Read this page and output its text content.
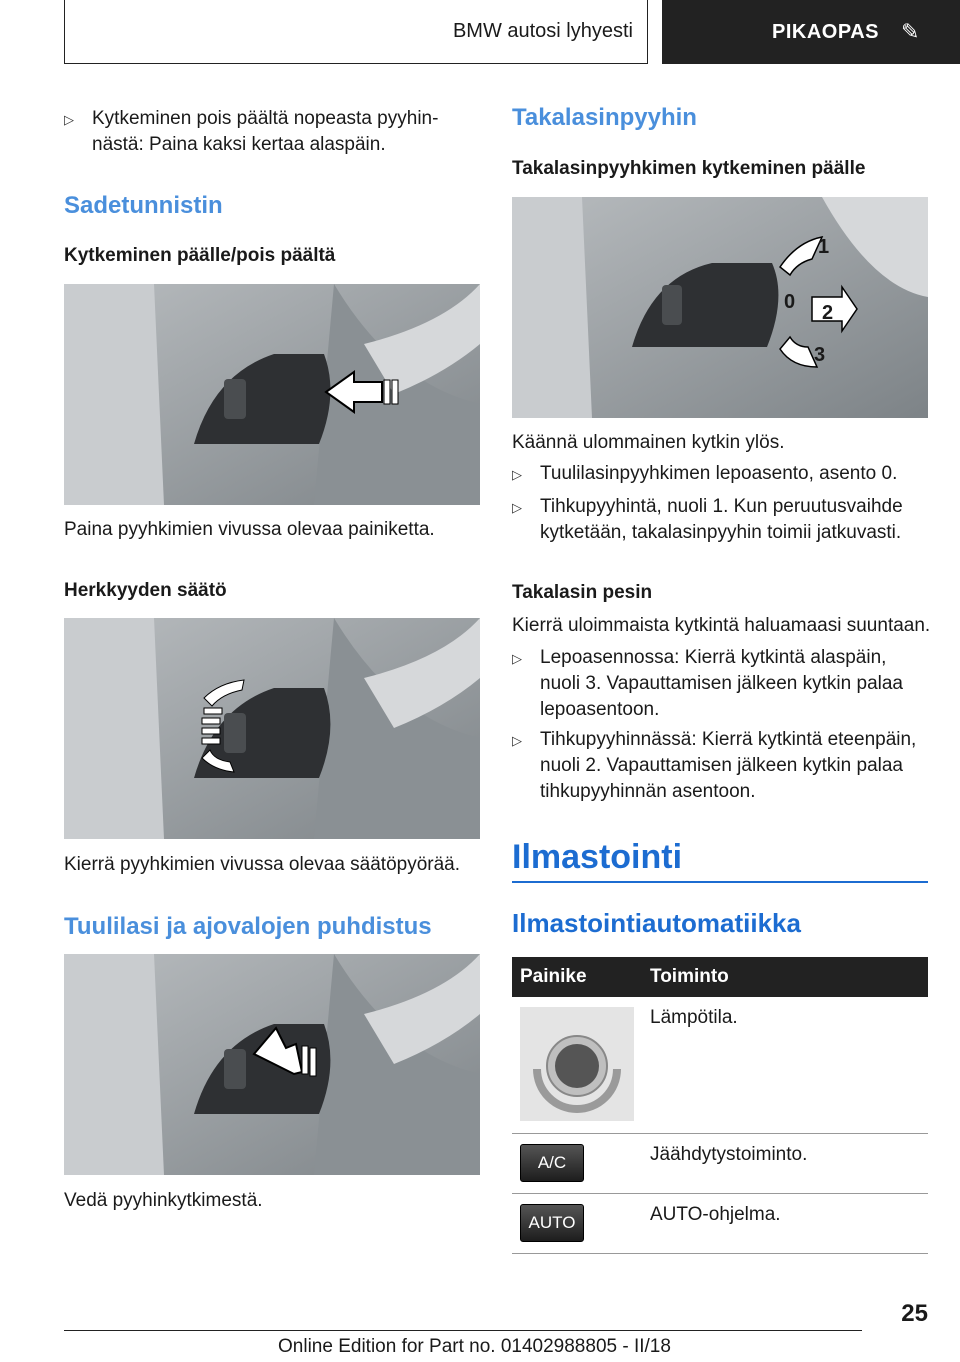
BMW autosi lyhyesti	PIKAOPAS ✎
▷ Kytkeminen pois päältä nopeasta pyyhinnästä: Paina kaksi kertaa alaspäin.
Sadetunnistin
Kytkeminen päälle/pois päältä
Paina pyyhkimien vivussa olevaa painiketta.
Herkkyyden säätö
Kierrä pyyhkimien vivussa olevaa säätöpyörää.
Tuulilasi ja ajovalojen puhdistus
Vedä pyyhinkytkimestä.
Takalasinpyyhin
Takalasinpyyhkimen kytkeminen päälle
1
0 2
3
Käännä ulommainen kytkin ylös.
▷ Tuulilasinpyyhkimen lepoasento, asento 0.
▷ Tihkupyyhintä, nuoli 1. Kun peruutusvaihde kytketään, takalasinpyyhin toimii jatkuvasti.
Takalasin pesin
Kierrä uloimmaista kytkintä haluamaasi suuntaan.
▷ Lepoasennossa: Kierrä kytkintä alaspäin, nuoli 3. Vapauttamisen jälkeen kytkin palaa lepoasentoon.
▷ Tihkupyyhinnässä: Kierrä kytkintä eteenpäin, nuoli 2. Vapauttamisen jälkeen kytkin palaa tihkupyyhinnän asentoon.
Ilmastointi
Ilmastointiautomatiikka
Painike	Toiminto

	Lämpötila.

A/C	Jäähdytystoiminto.

AUTO	AUTO-ohjelma.
25
Online Edition for Part no. 01402988805 - II/18
